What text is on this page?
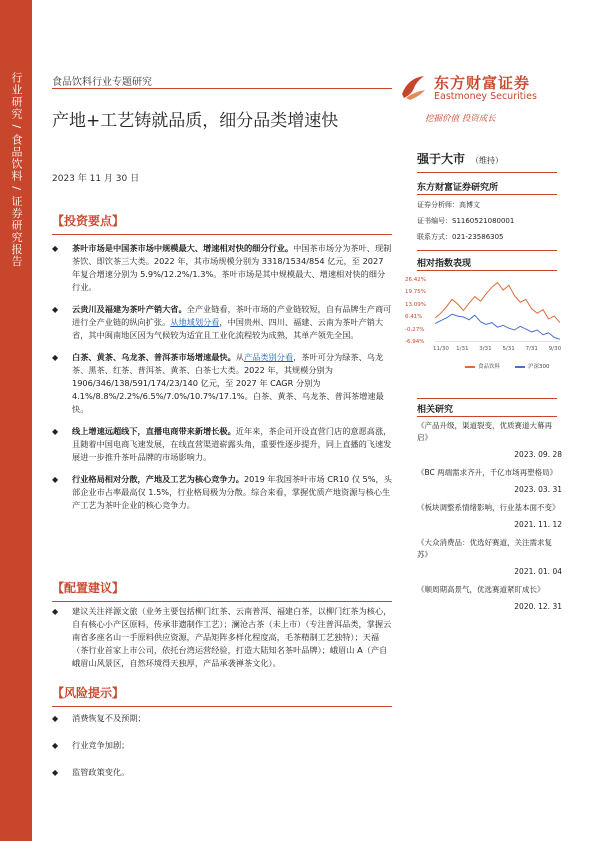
行业研究 / 食品饮料 / 证券研究报告	食品饮料行业专题研究
产地+工艺铸就品质，细分品类增速快
2023 年 11 月 30 日
东方财富证券
Eastmoney Securities
挖掘价值 投资成长
强于大市 （维持）
东方财富证券研究所
证券分析师：高博文
证书编号：S1160521080001
联系方式：021-23586305
相对指数表现
26.42%
19.75%
13.09%
6.41%
-0.27%
-6.94%
11/30 1/31 3/31 5/31 7/31 9/30
食品饮料	沪深300
相关研究
《产品升级，渠道裂变，优质赛道大幕再启》
2023. 09. 28
《BC 两端需求齐升，千亿市场再塑格局》
2023. 03. 31
《板块调整系情绪影响，行业基本面不变》
2021. 11. 12
《大众消费品：优选好赛道，关注需求复苏》
2021. 01. 04
《顺周期高景气，优选赛道紧盯成长》
2020. 12. 31
【投资要点】
◆ 茶叶市场是中国茶市场中规模最大、增速相对快的细分行业。中国茶市场分为茶叶、现制茶饮、即饮茶三大类。2022 年，其市场规模分别为 3318/1534/854 亿元，至 2027 年复合增速分别为 5.9%/12.2%/1.3%。茶叶市场是其中规模最大、增速相对快的细分行业。
◆ 云贵川及福建为茶叶产销大省。全产业链看，茶叶市场的产业链较短，自有品牌生产商可进行全产业链的纵向扩张。从地域划分看，中国贵州、四川、福建、云南为茶叶产销大省，其中闽南地区因为气候较为适宜且工业化流程较为成熟，其单产领先全国。
◆ 白茶、黄茶、乌龙茶、普洱茶市场增速最快。从产品类别分看，茶叶可分为绿茶、乌龙茶、黑茶、红茶、普洱茶、黄茶、白茶七大类。2022 年，其规模分别为 1906/346/138/591/174/23/140 亿元，至 2027 年 CAGR 分别为 4.1%/8.8%/2.2%/6.5%/7.0%/10.7%/17.1%。白茶、黄茶、乌龙茶、普洱茶增速最快。
◆ 线上增速远超线下，直播电商带来新增长极。近年来，茶企司开设直营门店的意愿高涨，且随着中国电商飞速发展，在线直营渠道崭露头角，重要性逐步提升，同上直播的飞速发展进一步推升茶叶品牌的市场影响力。
◆ 行业格局相对分散，产地及工艺为核心竞争力。2019 年我国茶叶市场 CR10 仅 5%，头部企业市占率最高仅 1.5%，行业格局极为分散。综合来看，掌握优质产地资源与核心生产工艺为茶叶企业的核心竞争力。
【配置建议】
◆ 建议关注祥源文旅（业务主要包括柳门红茶、云南普洱、福建白茶，以柳门红茶为核心，自有核心小产区原料，传承非遗制作工艺）；澜沧古茶（未上市）（专注普洱品类，掌握云南省多座名山一手原料供应资源，产品矩阵多样化程度高，毛茶精制工艺独特）；天福（茶行业首家上市公司，依托台湾运营经验，打造大陆知名茶叶品牌）；峨眉山 A（产自峨眉山风景区，自然环境得天独厚，产品承袭禅茶文化）。
【风险提示】
◆ 消费恢复不及预期；
◆ 行业竞争加剧；
◆ 监管政策变化。
